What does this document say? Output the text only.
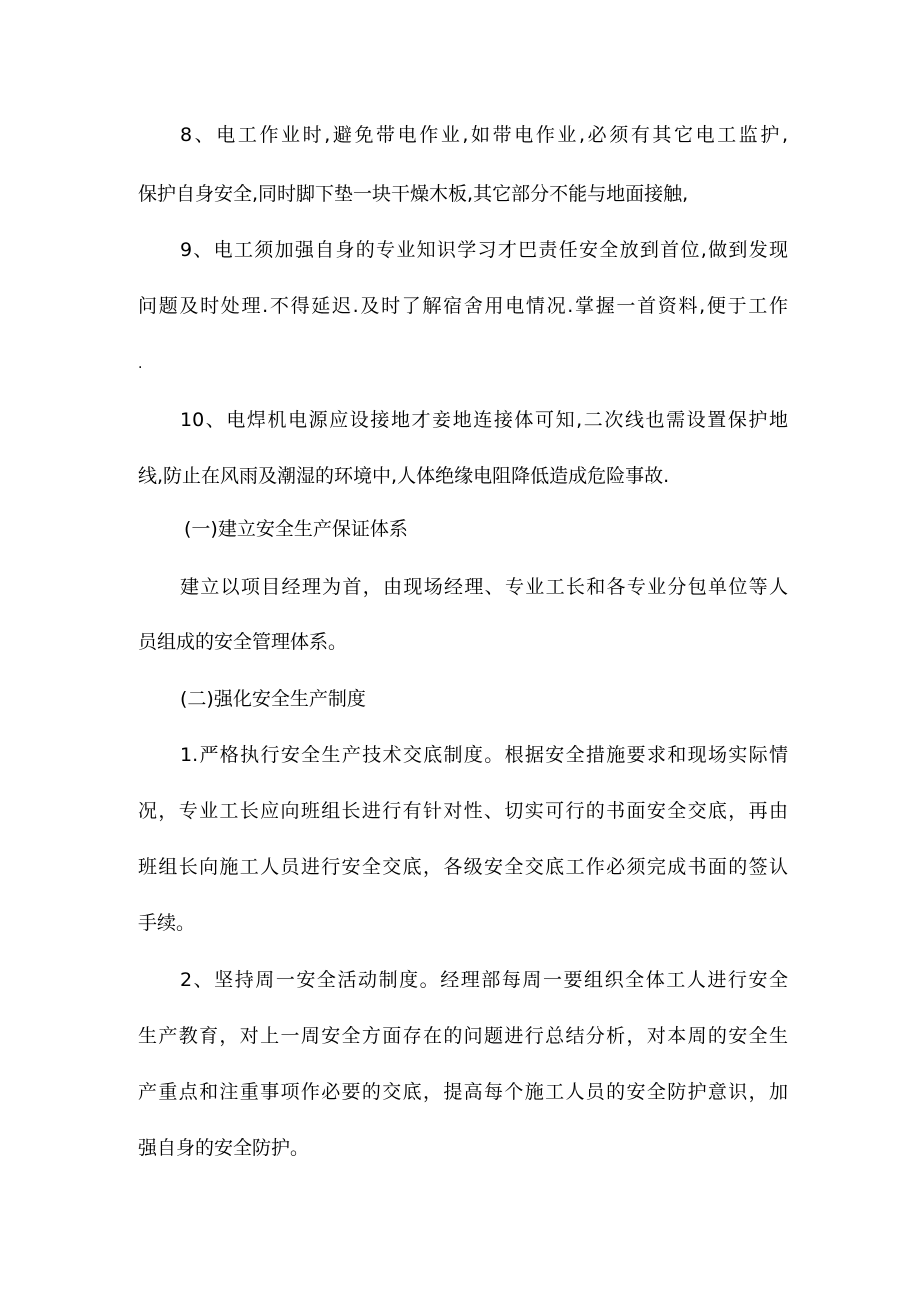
8、电工作业时,避免带电作业,如带电作业,必须有其它电工监护,
保护自身安全,同时脚下垫一块干燥木板,其它部分不能与地面接触,
9、电工须加强自身的专业知识学习才巴责任安全放到首位,做到发现
问题及时处理.不得延迟.及时了解宿舍用电情况.掌握一首资料,便于工作
.
10、电焊机电源应设接地才妾地连接体可知,二次线也需设置保护地
线,防止在风雨及潮湿的环境中,人体绝缘电阻降低造成危险事故.
(一)建立安全生产保证体系
建立以项目经理为首，由现场经理、专业工长和各专业分包单位等人
员组成的安全管理体系。
(二)强化安全生产制度
1.严格执行安全生产技术交底制度。根据安全措施要求和现场实际情
况，专业工长应向班组长进行有针对性、切实可行的书面安全交底，再由
班组长向施工人员进行安全交底，各级安全交底工作必须完成书面的签认
手续。
2、坚持周一安全活动制度。经理部每周一要组织全体工人进行安全
生产教育，对上一周安全方面存在的问题进行总结分析，对本周的安全生
产重点和注重事项作必要的交底，提高每个施工人员的安全防护意识，加
强自身的安全防护。
